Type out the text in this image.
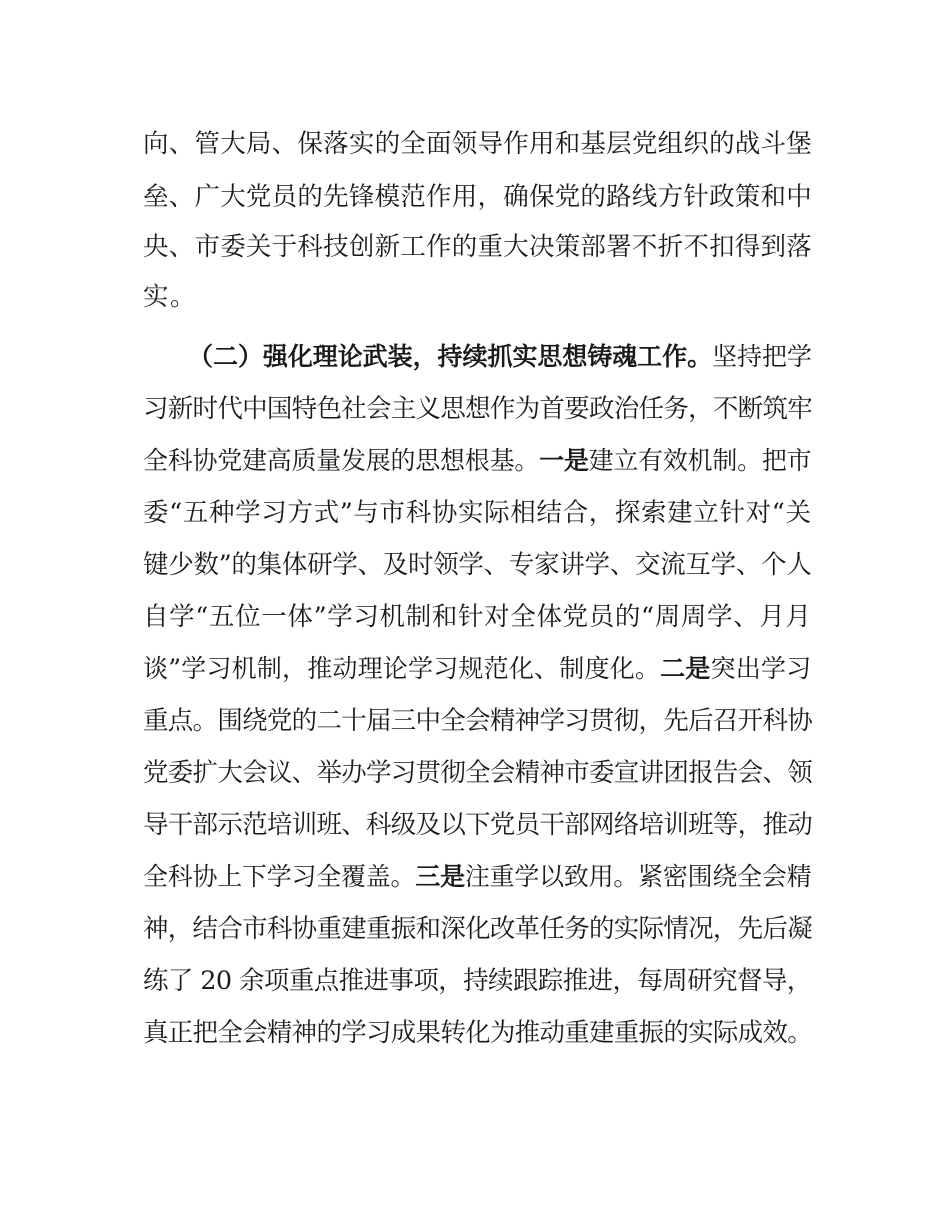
向、管大局、保落实的全面领导作用和基层党组织的战斗堡
垒、广大党员的先锋模范作用，确保党的路线方针政策和中
央、市委关于科技创新工作的重大决策部署不折不扣得到落
实。
（二）强化理论武装，持续抓实思想铸魂工作。坚持把学
习新时代中国特色社会主义思想作为首要政治任务，不断筑牢
全科协党建高质量发展的思想根基。一是建立有效机制。把市
委“五种学习方式”与市科协实际相结合，探索建立针对“关
键少数”的集体研学、及时领学、专家讲学、交流互学、个人
自学“五位一体”学习机制和针对全体党员的“周周学、月月
谈”学习机制，推动理论学习规范化、制度化。二是突出学习
重点。围绕党的二十届三中全会精神学习贯彻，先后召开科协
党委扩大会议、举办学习贯彻全会精神市委宣讲团报告会、领
导干部示范培训班、科级及以下党员干部网络培训班等，推动
全科协上下学习全覆盖。三是注重学以致用。紧密围绕全会精
神，结合市科协重建重振和深化改革任务的实际情况，先后凝
练了 20 余项重点推进事项，持续跟踪推进，每周研究督导，
真正把全会精神的学习成果转化为推动重建重振的实际成效。
